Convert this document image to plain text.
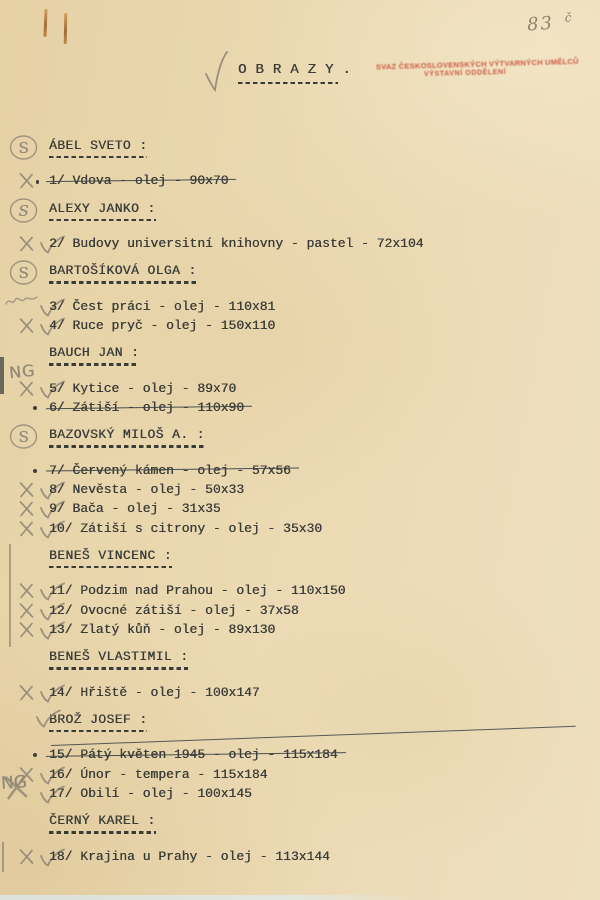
83 $^č$
OBRAZY. SVAZ ČESKOSLOVENSKÝCH VÝTVARNÝCH UMĚLCŮ
VÝSTAVNÍ ODDĚLENÍ
S ÁBEL SVETO :
1/ Vdova - olej - 90x70
S ALEXY JANKO :
2/ Budovy universitní knihovny - pastel - 72x104
S BARTOŠÍKOVÁ OLGA :
3/ Čest práci - olej - 110x81
4/ Ruce pryč - olej - 150x110
BAUCH JAN :
NG
5/ Kytice - olej - 89x70
6/ Zátiší - olej - 110x90
S BAZOVSKÝ MILOŠ A. :
7/ Červený kámen - olej - 57x56
8/ Nevěsta - olej - 50x33
9/ Bača - olej - 31x35
10/ Zátiší s citrony - olej - 35x30
BENEŠ VINCENC :
11/ Podzim nad Prahou - olej - 110x150
12/ Ovocné zátiší - olej - 37x58
13/ Zlatý kůň - olej - 89x130
BENEŠ VLASTIMIL :
14/ Hřiště - olej - 100x147
BROŽ JOSEF :
15/ Pátý květen 1945 - olej - 115x184
16/ Únor - tempera - 115x184
NG 17/ Obilí - olej - 100x145
ČERNÝ KAREL :
18/ Krajina u Prahy - olej - 113x144
